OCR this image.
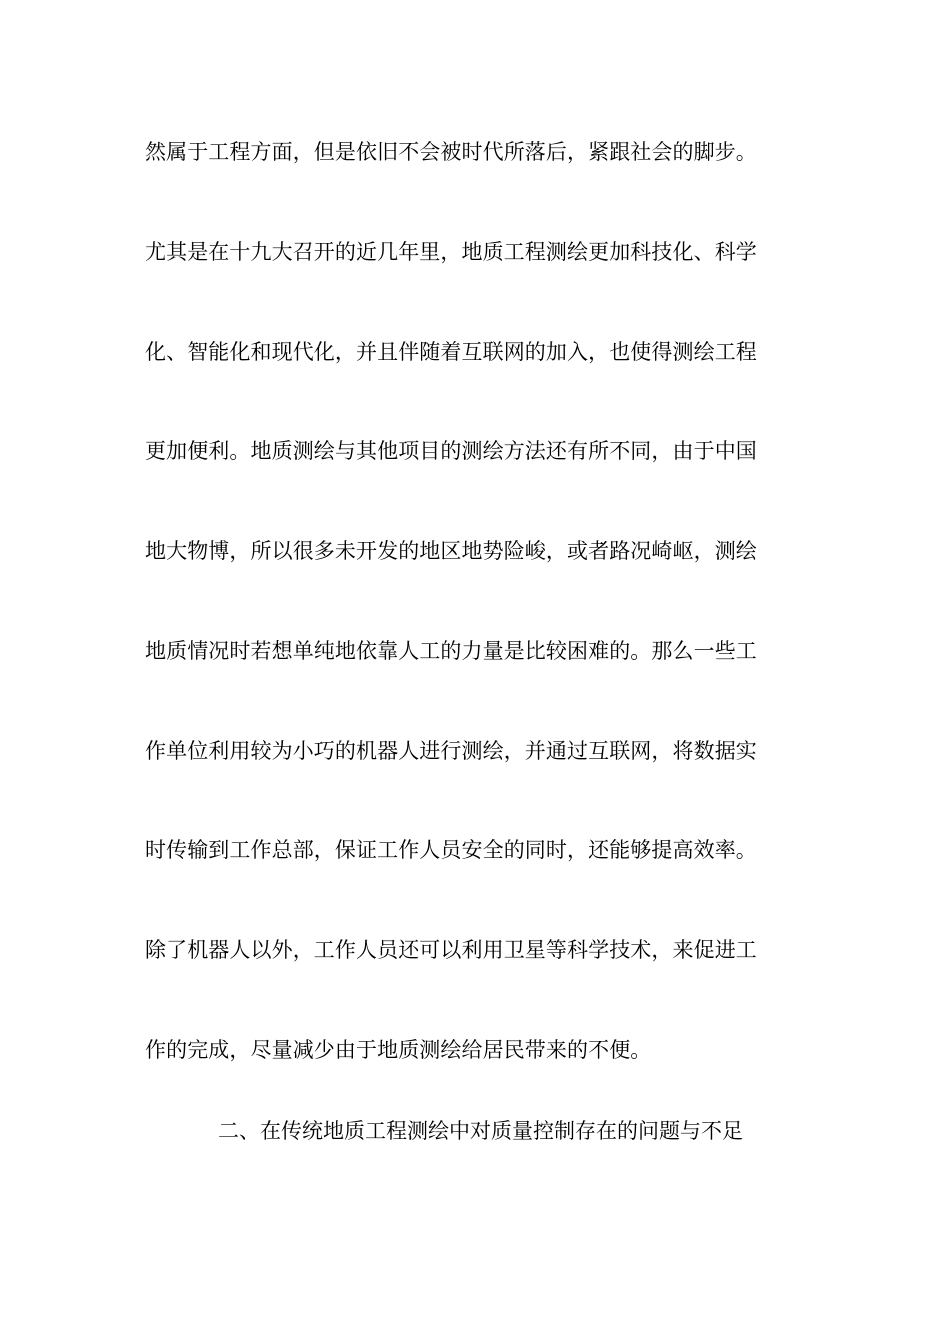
然属于工程方面，但是依旧不会被时代所落后，紧跟社会的脚步。
尤其是在十九大召开的近几年里，地质工程测绘更加科技化、科学
化、智能化和现代化，并且伴随着互联网的加入，也使得测绘工程
更加便利。地质测绘与其他项目的测绘方法还有所不同，由于中国
地大物博，所以很多未开发的地区地势险峻，或者路况崎岖，测绘
地质情况时若想单纯地依靠人工的力量是比较困难的。那么一些工
作单位利用较为小巧的机器人进行测绘，并通过互联网，将数据实
时传输到工作总部，保证工作人员安全的同时，还能够提高效率。
除了机器人以外，工作人员还可以利用卫星等科学技术，来促进工
作的完成，尽量减少由于地质测绘给居民带来的不便。
二、在传统地质工程测绘中对质量控制存在的问题与不足
